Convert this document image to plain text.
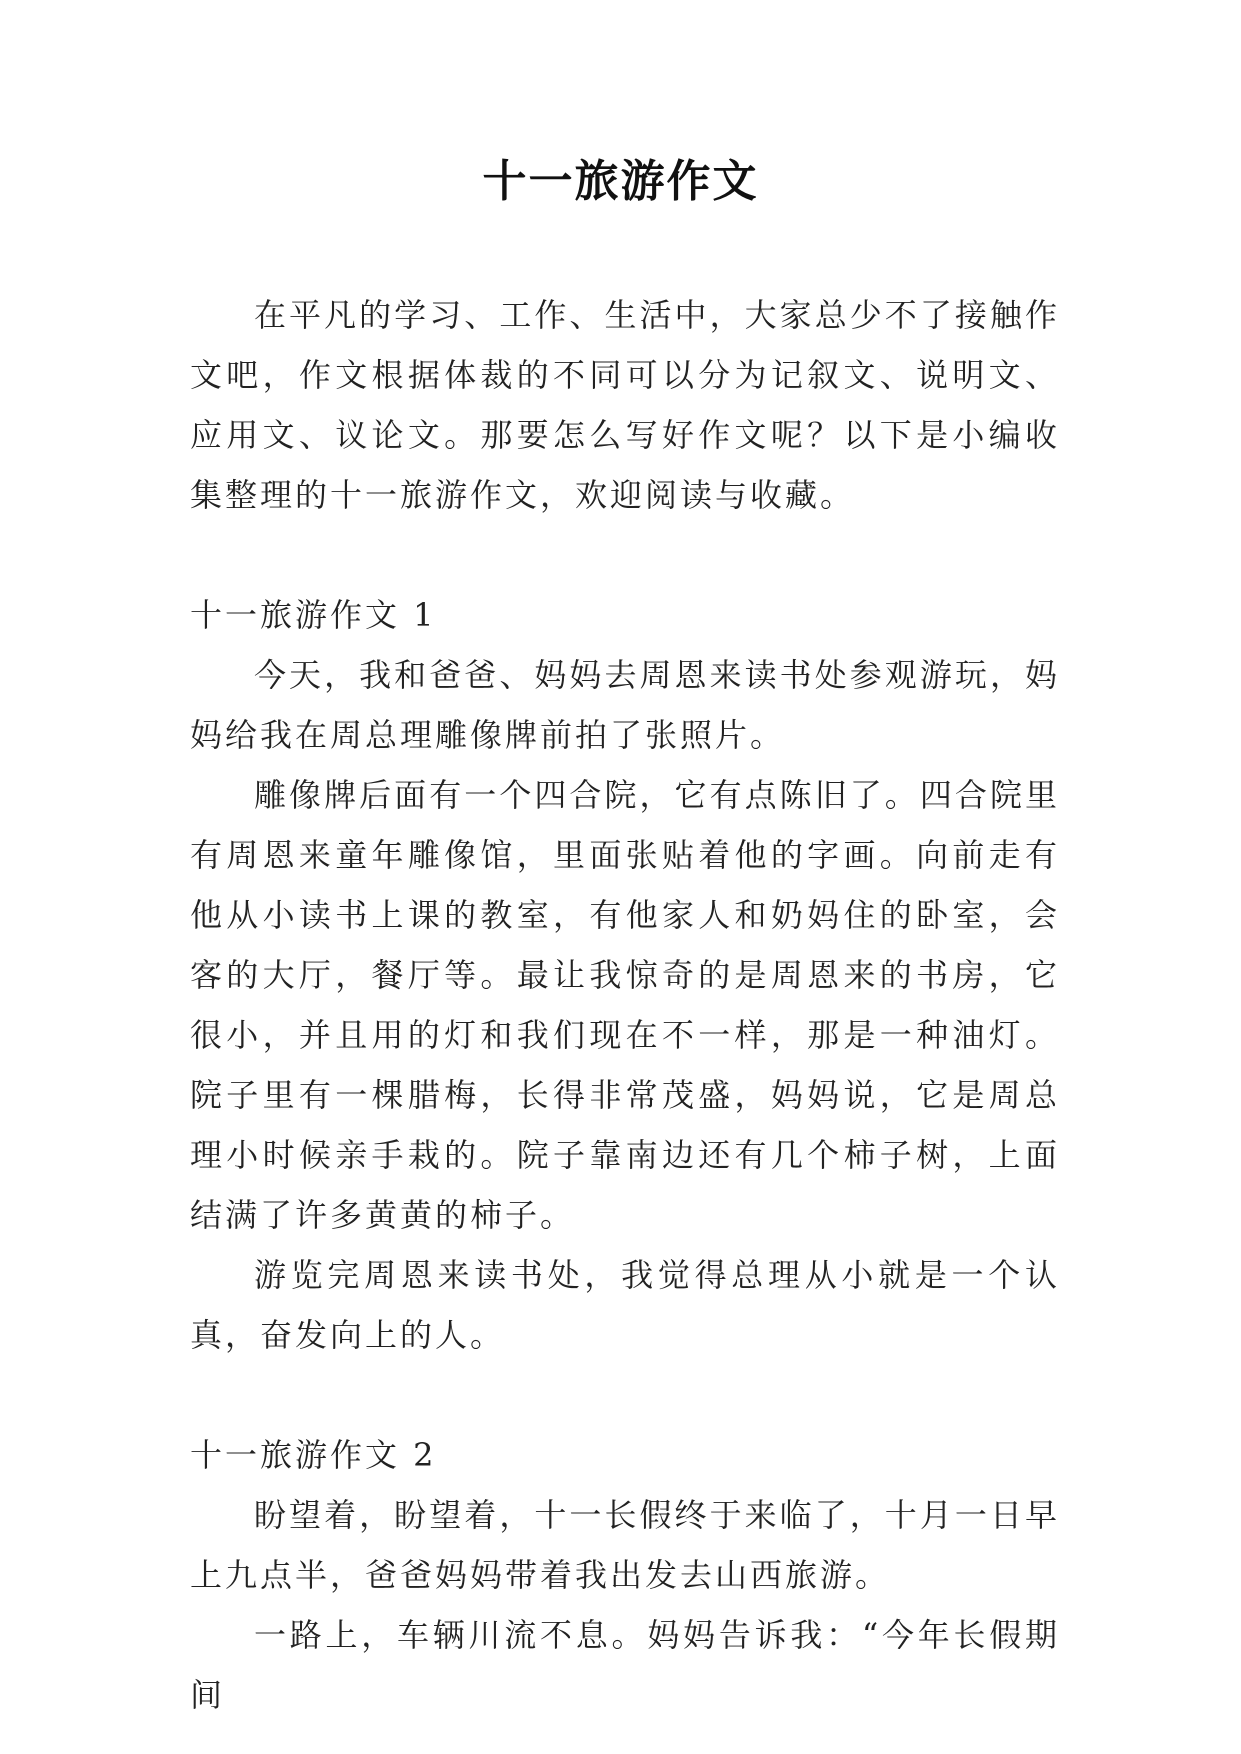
十一旅游作文

在平凡的学习、工作、生活中，大家总少不了接触作文吧，作文根据体裁的不同可以分为记叙文、说明文、应用文、议论文。那要怎么写好作文呢？以下是小编收集整理的十一旅游作文，欢迎阅读与收藏。

十一旅游作文 1

今天，我和爸爸、妈妈去周恩来读书处参观游玩，妈妈给我在周总理雕像牌前拍了张照片。

雕像牌后面有一个四合院，它有点陈旧了。四合院里有周恩来童年雕像馆，里面张贴着他的字画。向前走有他从小读书上课的教室，有他家人和奶妈住的卧室，会客的大厅，餐厅等。最让我惊奇的是周恩来的书房，它很小，并且用的灯和我们现在不一样，那是一种油灯。院子里有一棵腊梅，长得非常茂盛，妈妈说，它是周总理小时候亲手栽的。院子靠南边还有几个柿子树，上面结满了许多黄黄的柿子。

游览完周恩来读书处，我觉得总理从小就是一个认真，奋发向上的人。

十一旅游作文 2

盼望着，盼望着，十一长假终于来临了，十月一日早上九点半，爸爸妈妈带着我出发去山西旅游。

一路上，车辆川流不息。妈妈告诉我：“今年长假期间
